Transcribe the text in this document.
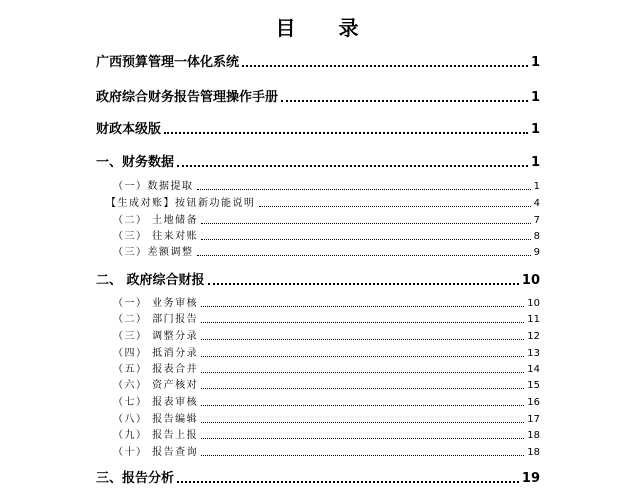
目 录
广西预算管理一体化系统	1
政府综合财务报告管理操作手册	1
财政本级版	1
一、财务数据	1
（一）数据提取	1
【生成对账】按钮新功能说明	4
（二） 土地储备	7
（三） 往来对账	8
（三）差额调整	9
二、 政府综合财报	10
（一） 业务审核	10
（二） 部门报告	11
（三） 调整分录	12
（四） 抵消分录	13
（五） 报表合并	14
（六） 资产核对	15
（七） 报表审核	16
（八） 报告编辑	17
（九） 报告上报	18
（十） 报告查询	18
三、报告分析	19
